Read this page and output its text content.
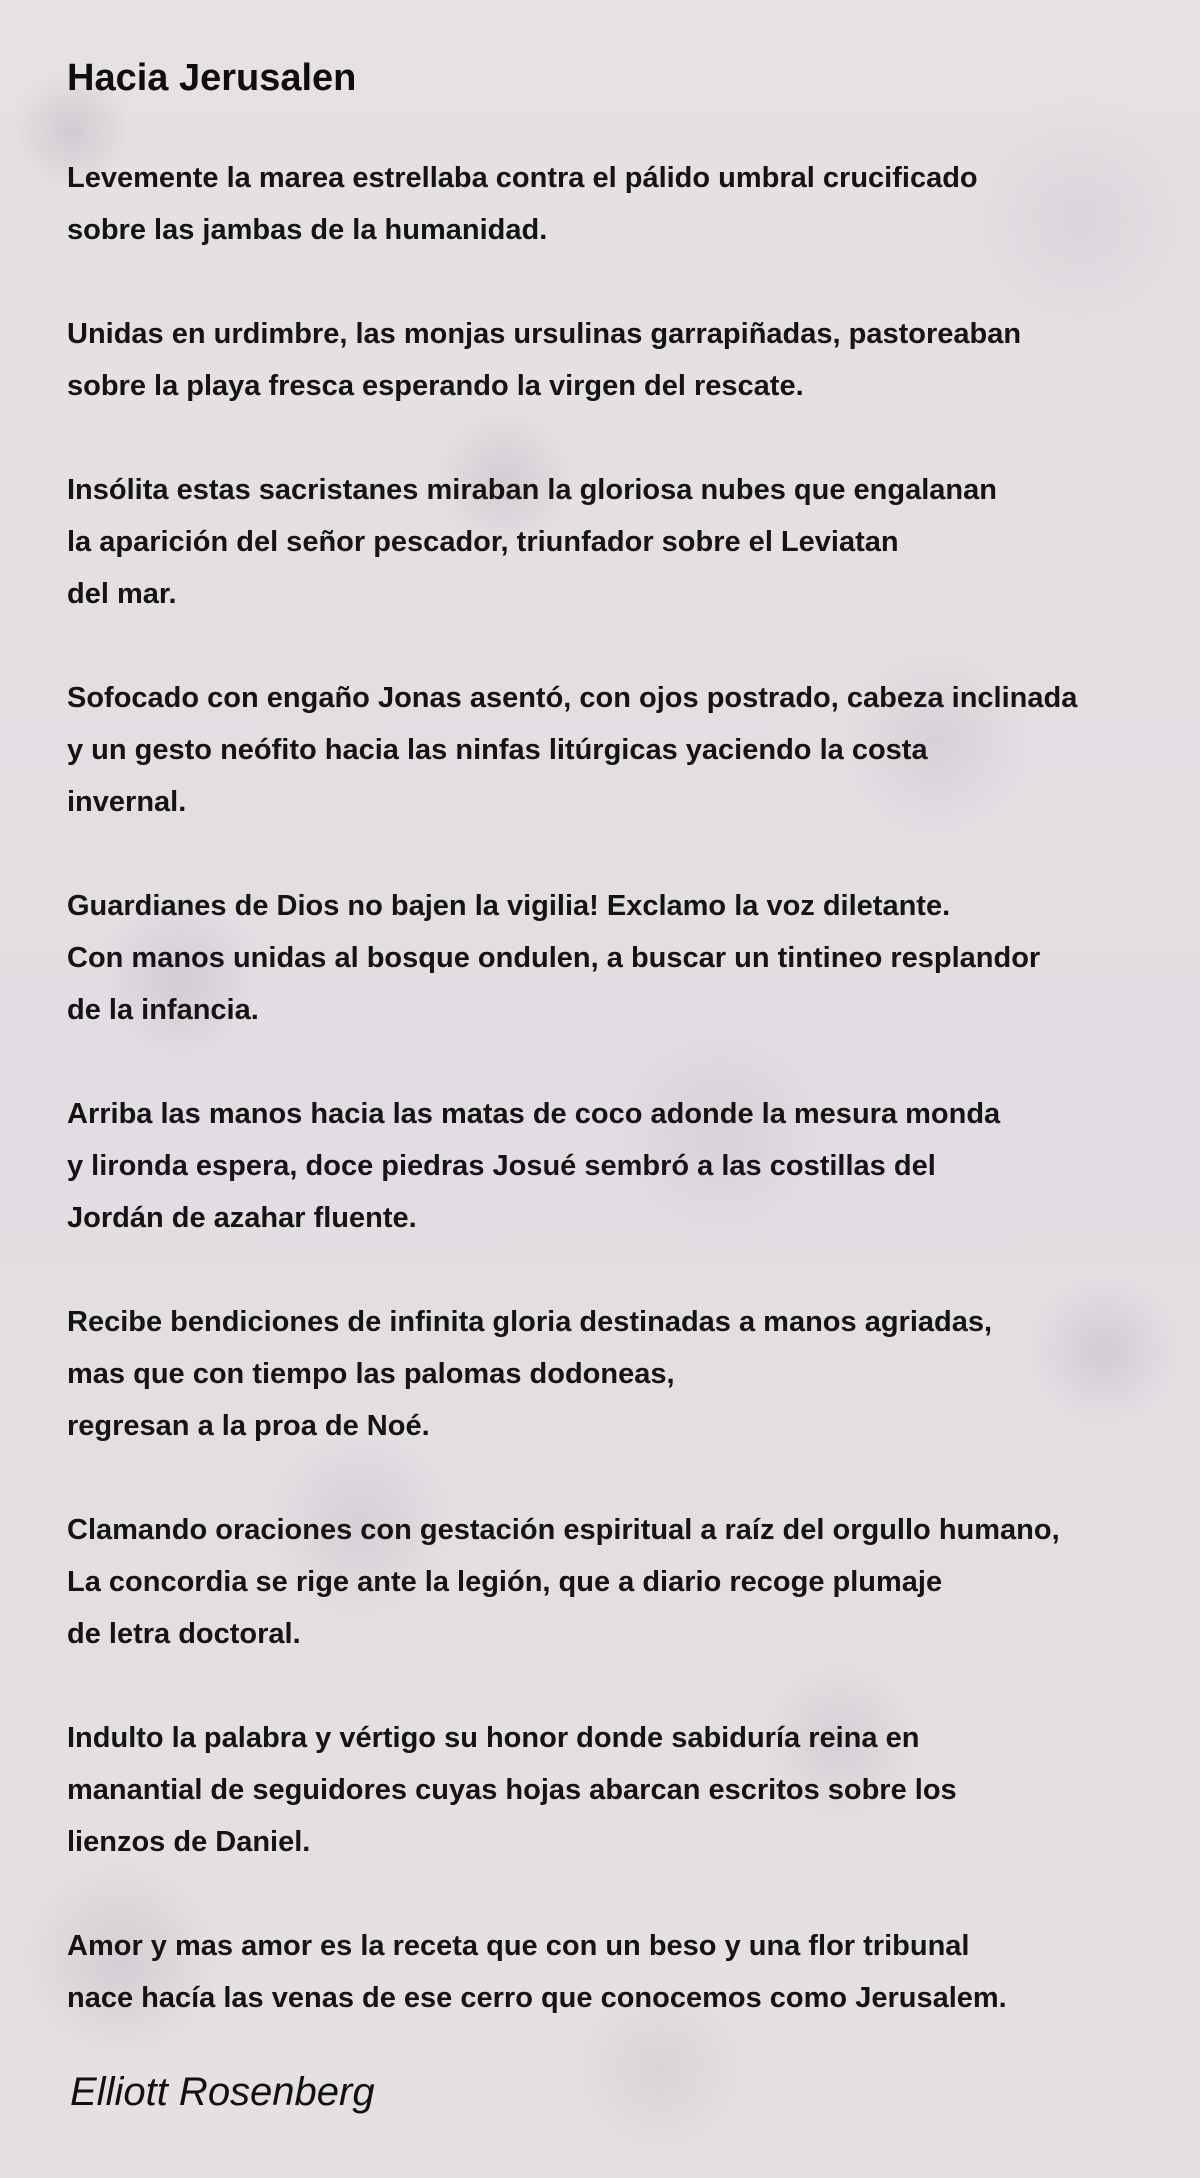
Hacia Jerusalen
Levemente la marea estrellaba contra el pálido umbral crucificado
sobre las jambas de la humanidad.
Unidas en urdimbre, las monjas ursulinas garrapiñadas, pastoreaban
sobre la playa fresca esperando la virgen del rescate.
Insólita estas sacristanes miraban la gloriosa nubes que engalanan
la aparición del señor pescador, triunfador sobre el Leviatan
del mar.
Sofocado con engaño Jonas asentó, con ojos postrado, cabeza inclinada
y un gesto neófito hacia las ninfas litúrgicas yaciendo la costa
invernal.
Guardianes de Dios no bajen la vigilia! Exclamo la voz diletante.
Con manos unidas al bosque ondulen, a buscar un tintineo resplandor
de la infancia.
Arriba las manos hacia las matas de coco adonde la mesura monda
y lironda espera, doce piedras Josué sembró a las costillas del
Jordán de azahar fluente.
Recibe bendiciones de infinita gloria destinadas a manos agriadas,
mas que con tiempo las palomas dodoneas,
regresan a la proa de Noé.
Clamando oraciones con gestación espiritual a raíz del orgullo humano,
La concordia se rige ante la legión, que a diario recoge plumaje
de letra doctoral.
Indulto la palabra y vértigo su honor donde sabiduría reina en
manantial de seguidores cuyas hojas abarcan escritos sobre los
lienzos de Daniel.
Amor y mas amor es la receta que con un beso y una flor tribunal
nace hacía las venas de ese cerro que conocemos como Jerusalem.

Elliott Rosenberg
